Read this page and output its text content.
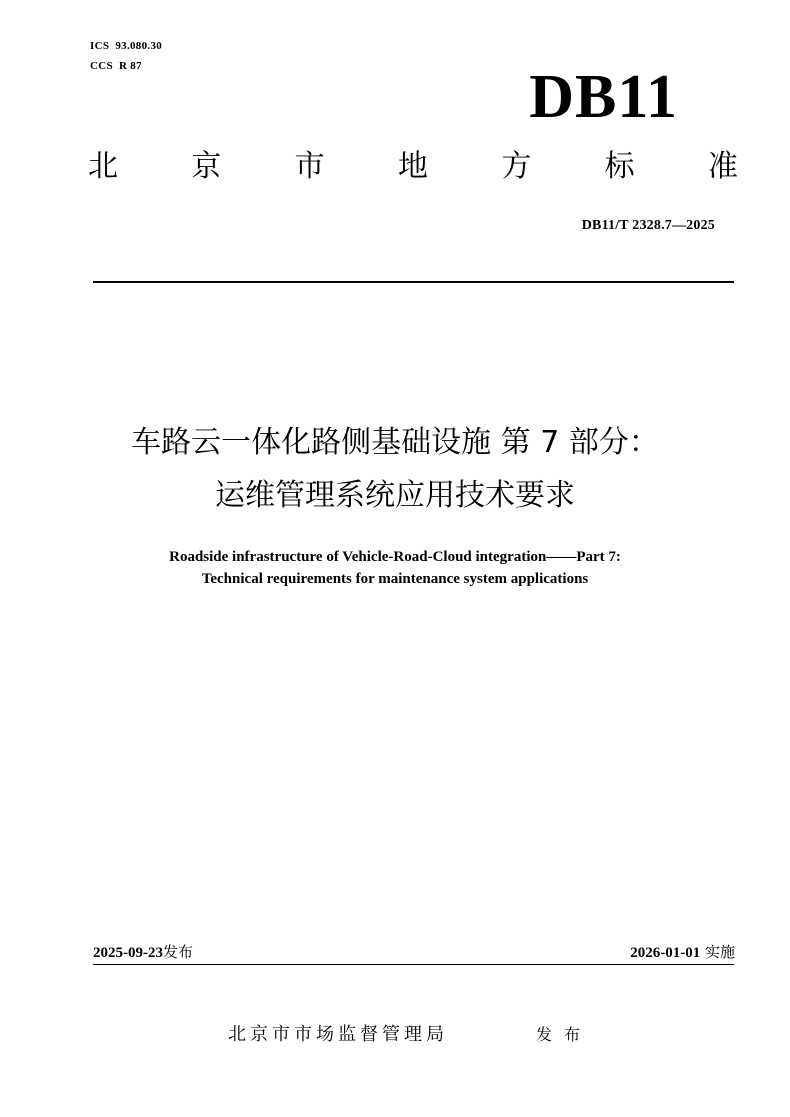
ICS  93.080.30
CCS  R 87	DB11
北 京 市 地 方 标 准
DB11/T 2328.7—2025
车路云一体化路侧基础设施 第 7 部分：
运维管理系统应用技术要求
Roadside infrastructure of Vehicle-Road-Cloud integration——Part 7:
Technical requirements for maintenance system applications
2025-09-23发布	2026-01-01 实施
北京市市场监督管理局	发布
